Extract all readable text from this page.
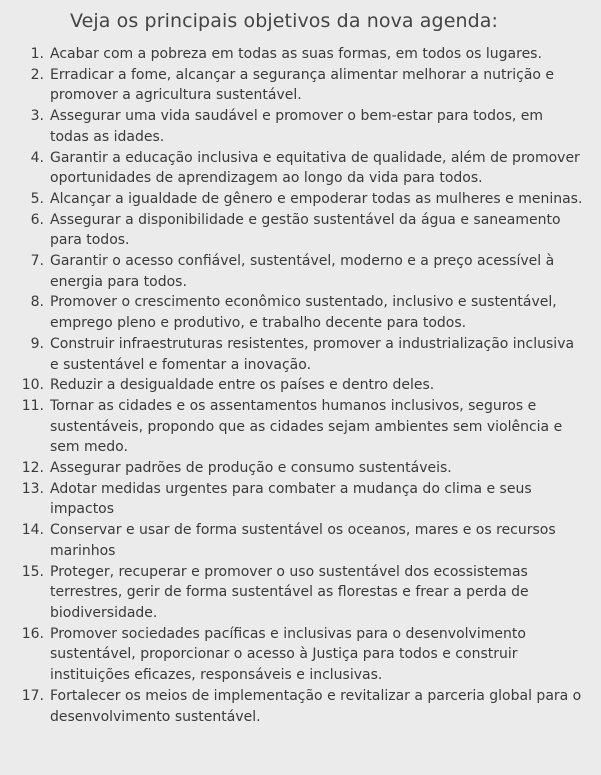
Veja os principais objetivos da nova agenda:
1. Acabar com a pobreza em todas as suas formas, em todos os lugares.
2. Erradicar a fome, alcançar a segurança alimentar melhorar a nutrição e promover a agricultura sustentável.
3. Assegurar uma vida saudável e promover o bem-estar para todos, em todas as idades.
4. Garantir a educação inclusiva e equitativa de qualidade, além de promover oportunidades de aprendizagem ao longo da vida para todos.
5. Alcançar a igualdade de gênero e empoderar todas as mulheres e meninas.
6. Assegurar a disponibilidade e gestão sustentável da água e saneamento para todos.
7. Garantir o acesso confiável, sustentável, moderno e a preço acessível à energia para todos.
8. Promover o crescimento econômico sustentado, inclusivo e sustentável, emprego pleno e produtivo, e trabalho decente para todos.
9. Construir infraestruturas resistentes, promover a industrialização inclusiva e sustentável e fomentar a inovação.
10. Reduzir a desigualdade entre os países e dentro deles.
11. Tornar as cidades e os assentamentos humanos inclusivos, seguros e sustentáveis, propondo que as cidades sejam ambientes sem violência e sem medo.
12. Assegurar padrões de produção e consumo sustentáveis.
13. Adotar medidas urgentes para combater a mudança do clima e seus impactos
14. Conservar e usar de forma sustentável os oceanos, mares e os recursos marinhos
15. Proteger, recuperar e promover o uso sustentável dos ecossistemas terrestres, gerir de forma sustentável as florestas e frear a perda de biodiversidade.
16. Promover sociedades pacíficas e inclusivas para o desenvolvimento sustentável, proporcionar o acesso à Justiça para todos e construir instituições eficazes, responsáveis e inclusivas.
17. Fortalecer os meios de implementação e revitalizar a parceria global para o desenvolvimento sustentável.
